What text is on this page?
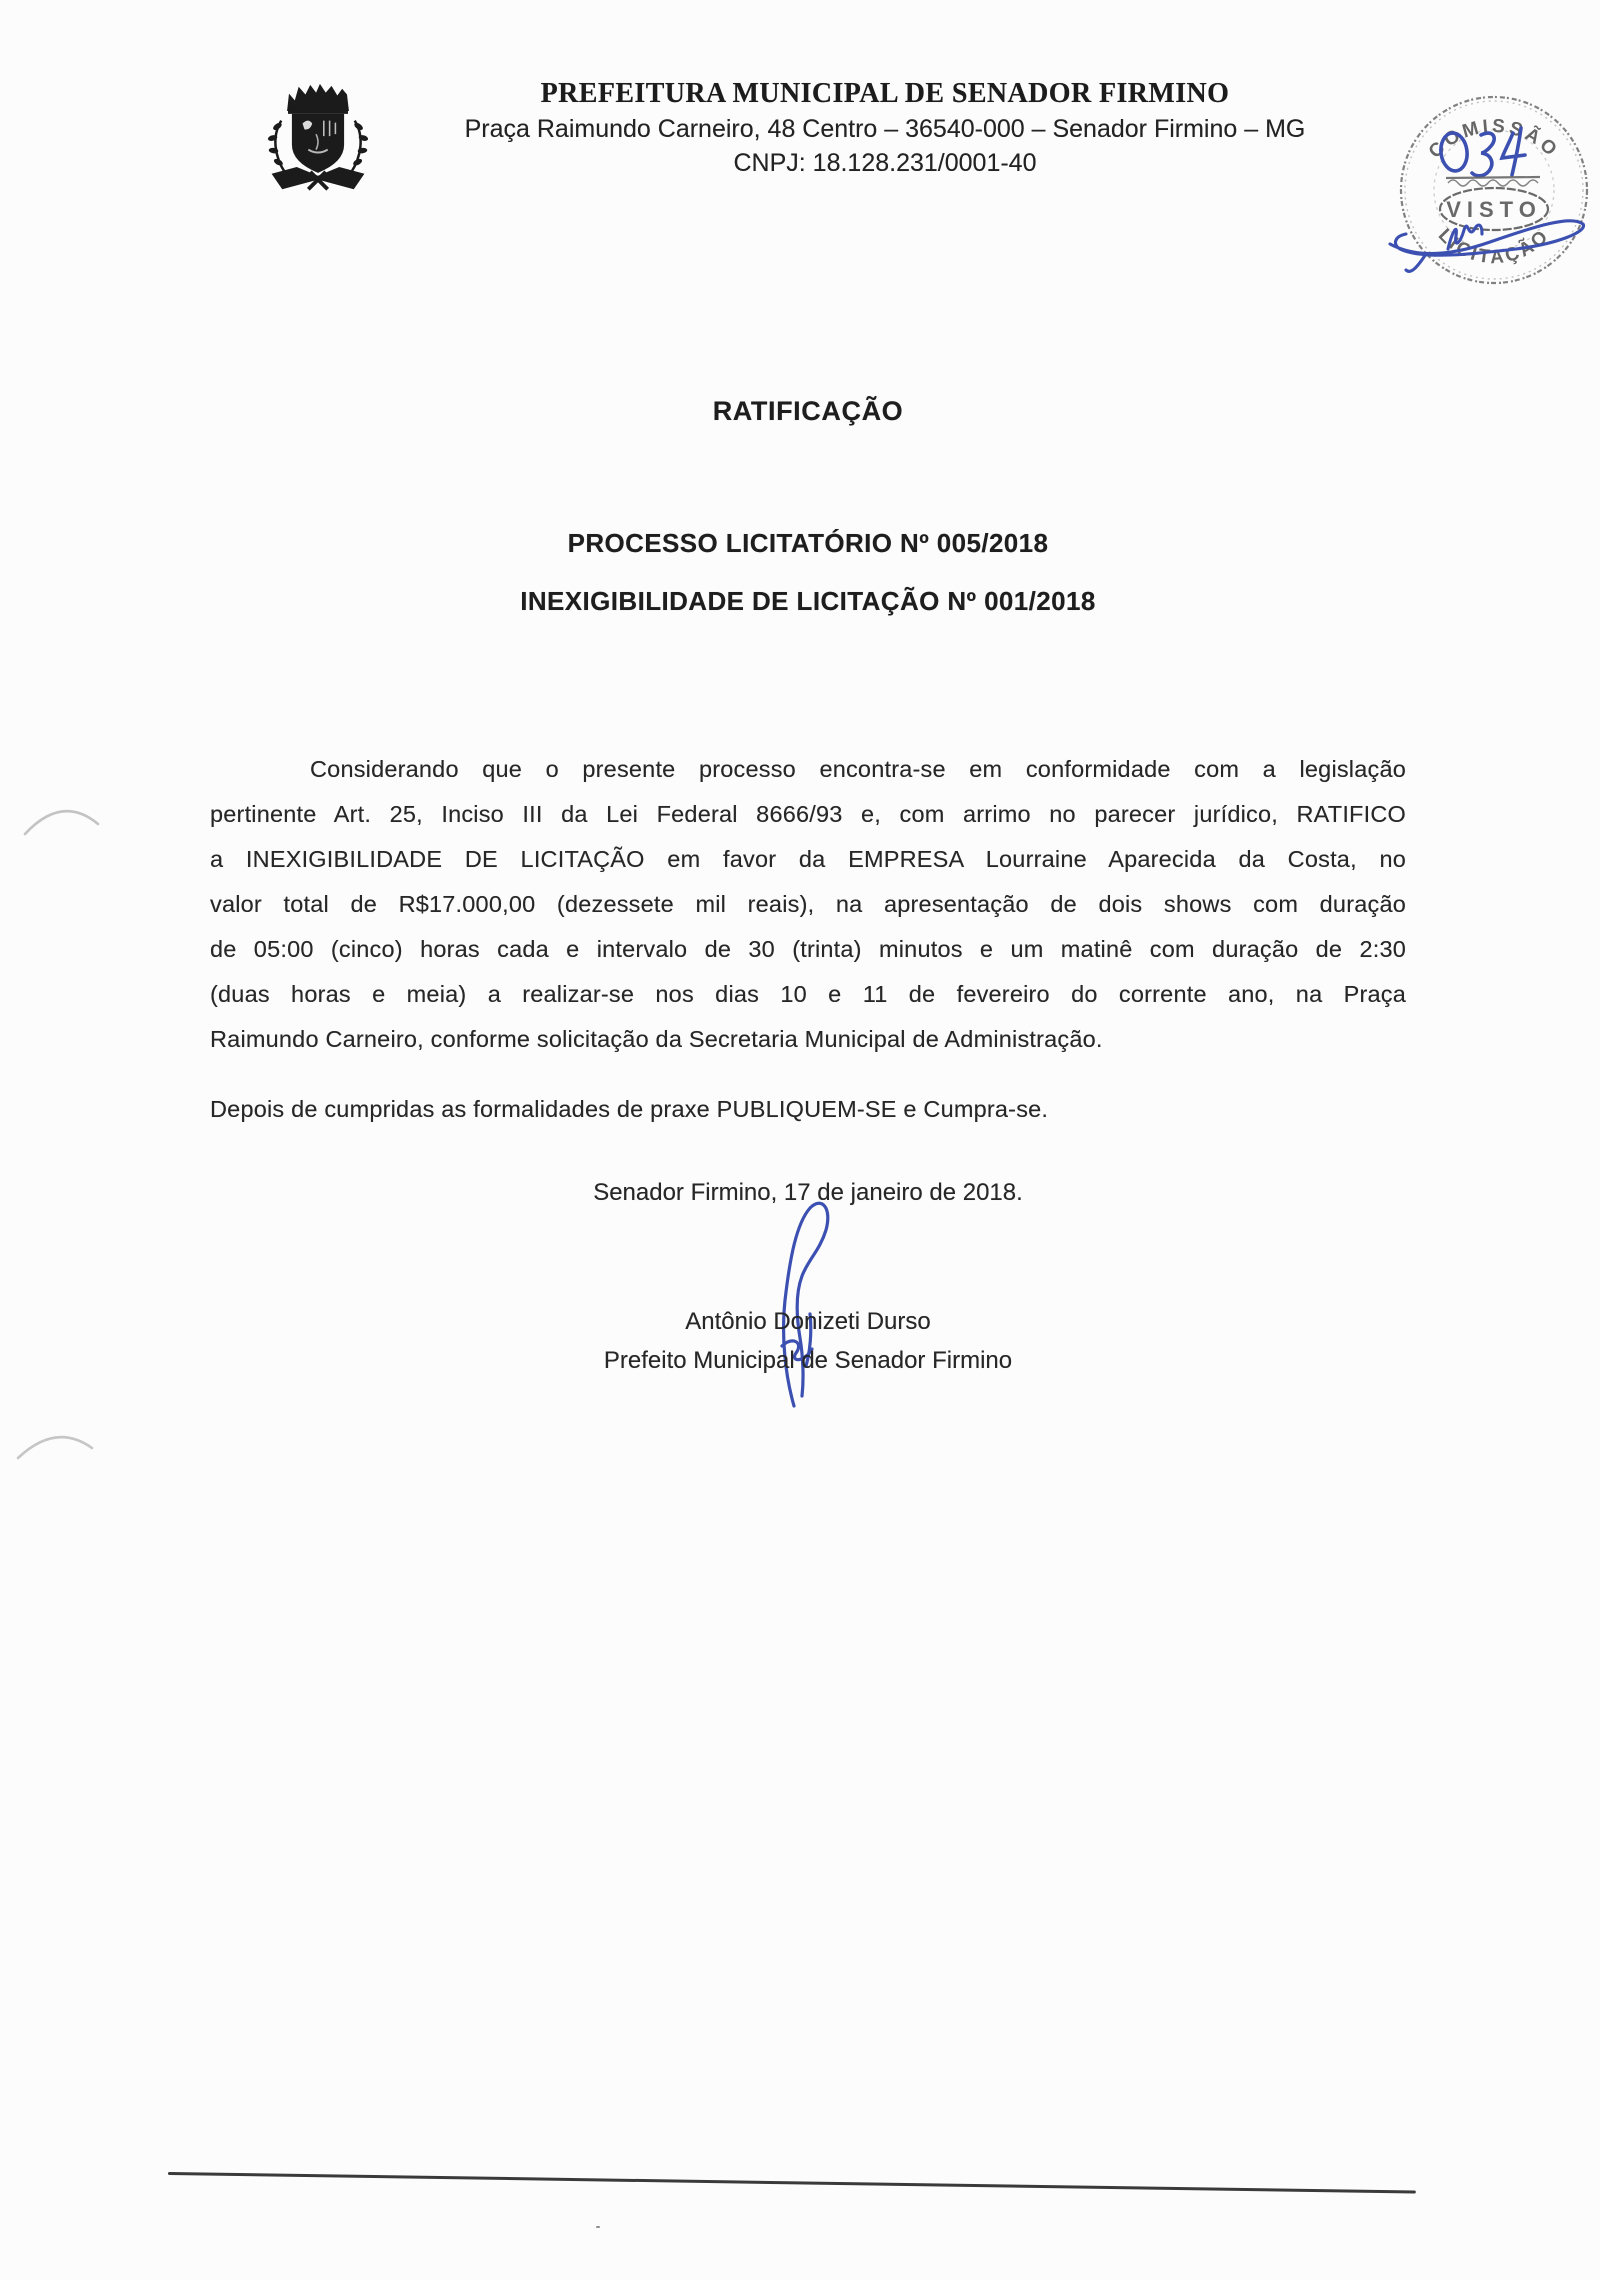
PREFEITURA MUNICIPAL DE SENADOR FIRMINO
Praça Raimundo Carneiro, 48 Centro – 36540-000 – Senador Firmino – MG
CNPJ: 18.128.231/0001-40	COMISSÃO
LICITAÇÃO
VISTO
RATIFICAÇÃO
PROCESSO LICITATÓRIO Nº 005/2018
INEXIGIBILIDADE DE LICITAÇÃO Nº 001/2018
Considerando que o presente processo encontra-se em conformidade com a legislação
pertinente Art. 25, Inciso III da Lei Federal 8666/93 e, com arrimo no parecer jurídico, RATIFICO
a INEXIGIBILIDADE DE LICITAÇÃO em favor da EMPRESA Lourraine Aparecida da Costa, no
valor total de R$17.000,00 (dezessete mil reais), na apresentação de dois shows com duração
de 05:00 (cinco) horas cada e intervalo de 30 (trinta) minutos e um matinê com duração de 2:30
(duas horas e meia) a realizar-se nos dias 10 e 11 de fevereiro do corrente ano, na Praça
Raimundo Carneiro, conforme solicitação da Secretaria Municipal de Administração.
Depois de cumpridas as formalidades de praxe PUBLIQUEM-SE e Cumpra-se.
Senador Firmino, 17 de janeiro de 2018.
Antônio Donizeti Durso
Prefeito Municipal de Senador Firmino
